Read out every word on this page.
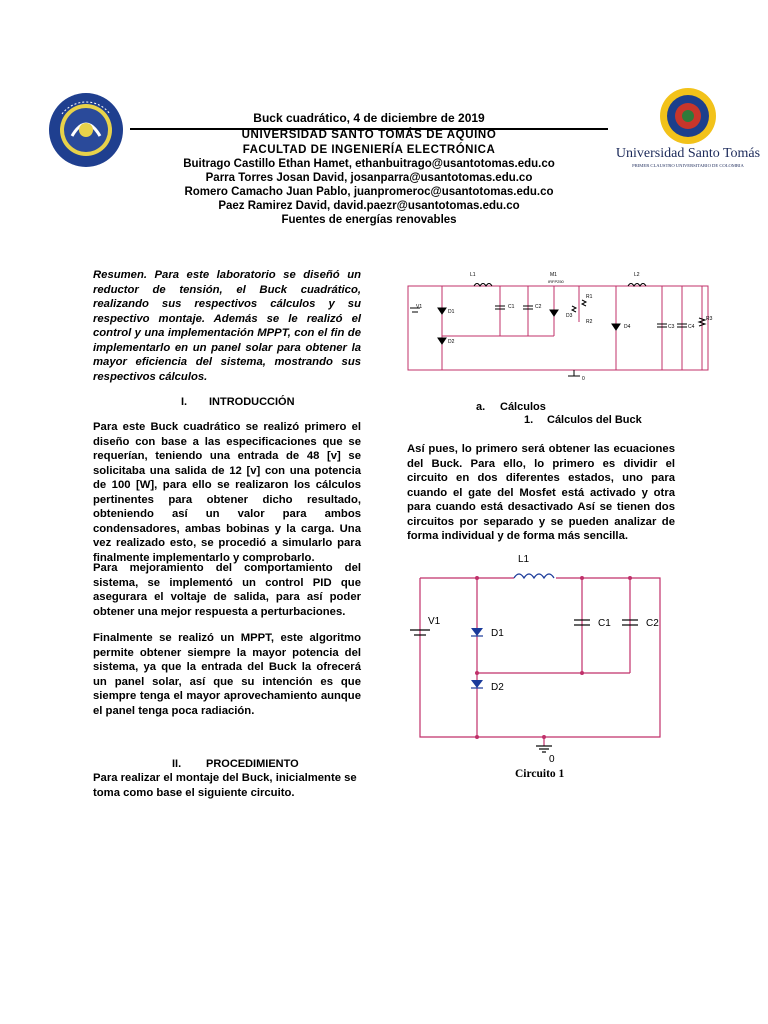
Universidad Santo Tomás
PRIMER CLAUSTRO UNIVERSITARIO DE COLOMBIA
Buck cuadrático, 4 de diciembre de 2019
UNIVERSIDAD SANTO TOMÁS DE AQUINO
FACULTAD DE INGENIERÍA ELECTRÓNICA
Buitrago Castillo Ethan Hamet, ethanbuitrago@usantotomas.edu.co
Parra Torres Josan David, josanparra@usantotomas.edu.co
Romero Camacho Juan Pablo, juanpromeroc@usantotomas.edu.co
Paez Ramirez David, david.paezr@usantotomas.edu.co
Fuentes de energías renovables
Resumen. Para este laboratorio se diseñó un reductor de tensión, el Buck cuadrático, realizando sus respectivos cálculos y su respectivo montaje. Además se le realizó el control y una implementación MPPT, con el fin de implementarlo en un panel solar para obtener la mayor eficiencia del sistema, mostrando sus respectivos cálculos.
I. INTRODUCCIÓN
Para este Buck cuadrático se realizó primero el diseño con base a las especificaciones que se requerían, teniendo una entrada de 48 [v] se solicitaba una salida de 12 [v] con una potencia de 100 [W], para ello se realizaron los cálculos pertinentes para obtener dicho resultado, obteniendo así un valor para ambos condensadores, ambas bobinas y la carga. Una vez realizado esto, se procedió a simularlo para finalmente implementarlo y comprobarlo.
Para mejoramiento del comportamiento del sistema, se implementó un control PID que asegurara el voltaje de salida, para así poder obtener una mejor respuesta a perturbaciones.
Finalmente se realizó un MPPT, este algoritmo permite obtener siempre la mayor potencia del sistema, ya que la entrada del Buck la ofrecerá un panel solar, así que su intención es que siempre tenga el mayor aprovechamiento aunque el panel tenga poca radiación.
II. PROCEDIMIENTO
Para realizar el montaje del Buck, inicialmente se toma como base el siguiente circuito.
V1
D1
D2
C1	C2
L1	L2
M1
IRFP250
D3
D4	C3	C4
R1
R2	R3
0
a. Cálculos
1. Cálculos del Buck
Así pues, lo primero será obtener las ecuaciones del Buck. Para ello, lo primero es dividir el circuito en dos diferentes estados, uno para cuando el gate del Mosfet está activado y otra para cuando está desactivado Así se tienen dos circuitos por separado y se pueden analizar de forma individual y de forma más sencilla.
L1
V1
D1
D2
C1	C2
0
Circuito 1
